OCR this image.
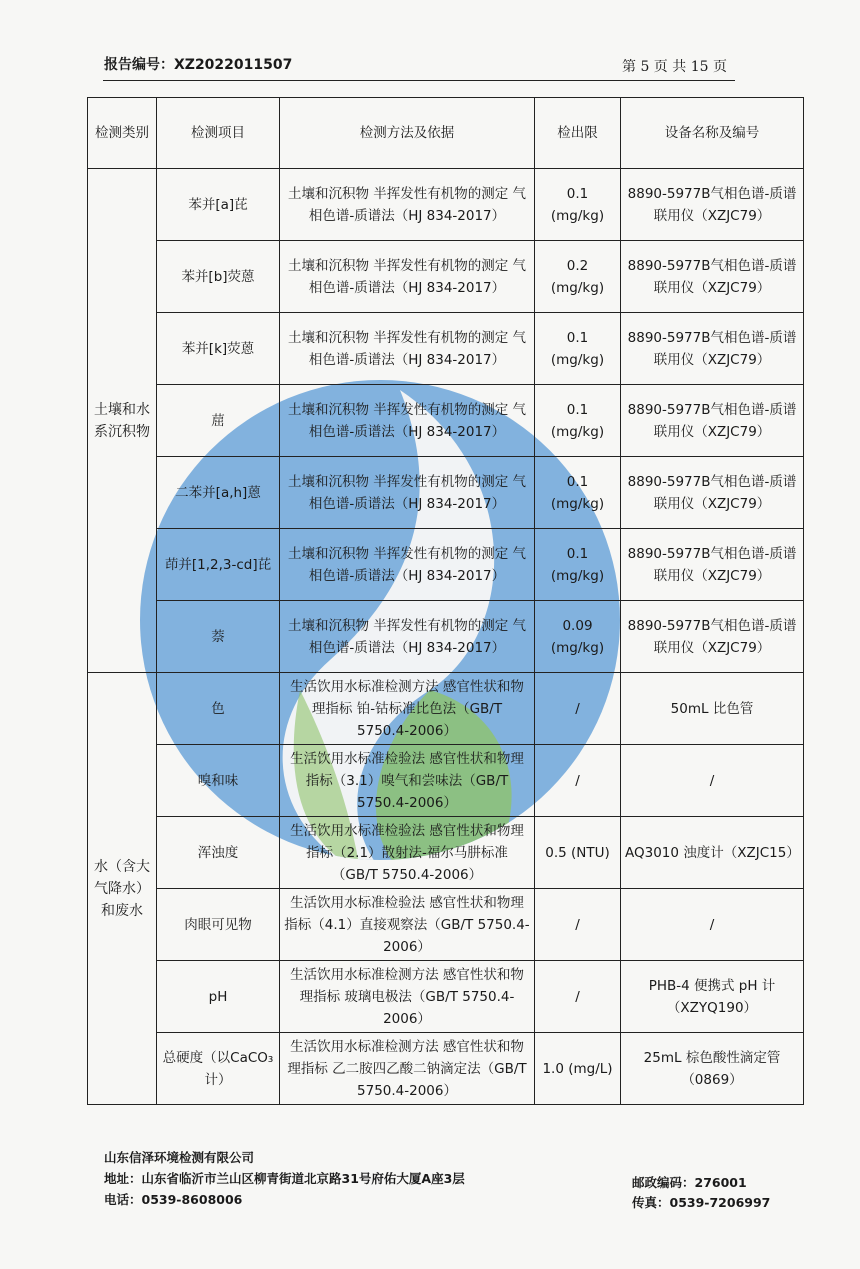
报告编号：XZ2022011507	第 5 页 共 15 页
检测类别	检测项目	检测方法及依据	检出限	设备名称及编号
土壤和水系沉积物	苯并[a]芘	土壤和沉积物 半挥发性有机物的测定 气相色谱-质谱法（HJ 834-2017）	0.1 (mg/kg)	8890-5977B气相色谱-质谱联用仪（XZJC79）
	苯并[b]荧蒽	土壤和沉积物 半挥发性有机物的测定 气相色谱-质谱法（HJ 834-2017）	0.2 (mg/kg)	8890-5977B气相色谱-质谱联用仪（XZJC79）
	苯并[k]荧蒽	土壤和沉积物 半挥发性有机物的测定 气相色谱-质谱法（HJ 834-2017）	0.1 (mg/kg)	8890-5977B气相色谱-质谱联用仪（XZJC79）
	䓛	土壤和沉积物 半挥发性有机物的测定 气相色谱-质谱法（HJ 834-2017）	0.1 (mg/kg)	8890-5977B气相色谱-质谱联用仪（XZJC79）
	二苯并[a,h]蒽	土壤和沉积物 半挥发性有机物的测定 气相色谱-质谱法（HJ 834-2017）	0.1 (mg/kg)	8890-5977B气相色谱-质谱联用仪（XZJC79）
	茚并[1,2,3-cd]芘	土壤和沉积物 半挥发性有机物的测定 气相色谱-质谱法（HJ 834-2017）	0.1 (mg/kg)	8890-5977B气相色谱-质谱联用仪（XZJC79）
	萘	土壤和沉积物 半挥发性有机物的测定 气相色谱-质谱法（HJ 834-2017）	0.09 (mg/kg)	8890-5977B气相色谱-质谱联用仪（XZJC79）
水（含大气降水）和废水	色	生活饮用水标准检测方法 感官性状和物理指标 铂-钴标准比色法（GB/T 5750.4-2006）	/	50mL 比色管
	嗅和味	生活饮用水标准检验法 感官性状和物理指标（3.1）嗅气和尝味法（GB/T 5750.4-2006）	/	/
	浑浊度	生活饮用水标准检验法 感官性状和物理指标（2.1）散射法-福尔马肼标准（GB/T 5750.4-2006）	0.5 (NTU)	AQ3010 浊度计（XZJC15）
	肉眼可见物	生活饮用水标准检验法 感官性状和物理指标（4.1）直接观察法（GB/T 5750.4-2006）	/	/
	pH	生活饮用水标准检测方法 感官性状和物理指标 玻璃电极法（GB/T 5750.4-2006）	/	PHB-4 便携式 pH 计（XZYQ190）
	总硬度（以CaCO₃计）	生活饮用水标准检测方法 感官性状和物理指标 乙二胺四乙酸二钠滴定法（GB/T 5750.4-2006）	1.0 (mg/L)	25mL 棕色酸性滴定管（0869）
山东信泽环境检测有限公司
地址：山东省临沂市兰山区柳青街道北京路31号府佑大厦A座3层
电话：0539-8608006
邮政编码：276001
传真：0539-7206997
